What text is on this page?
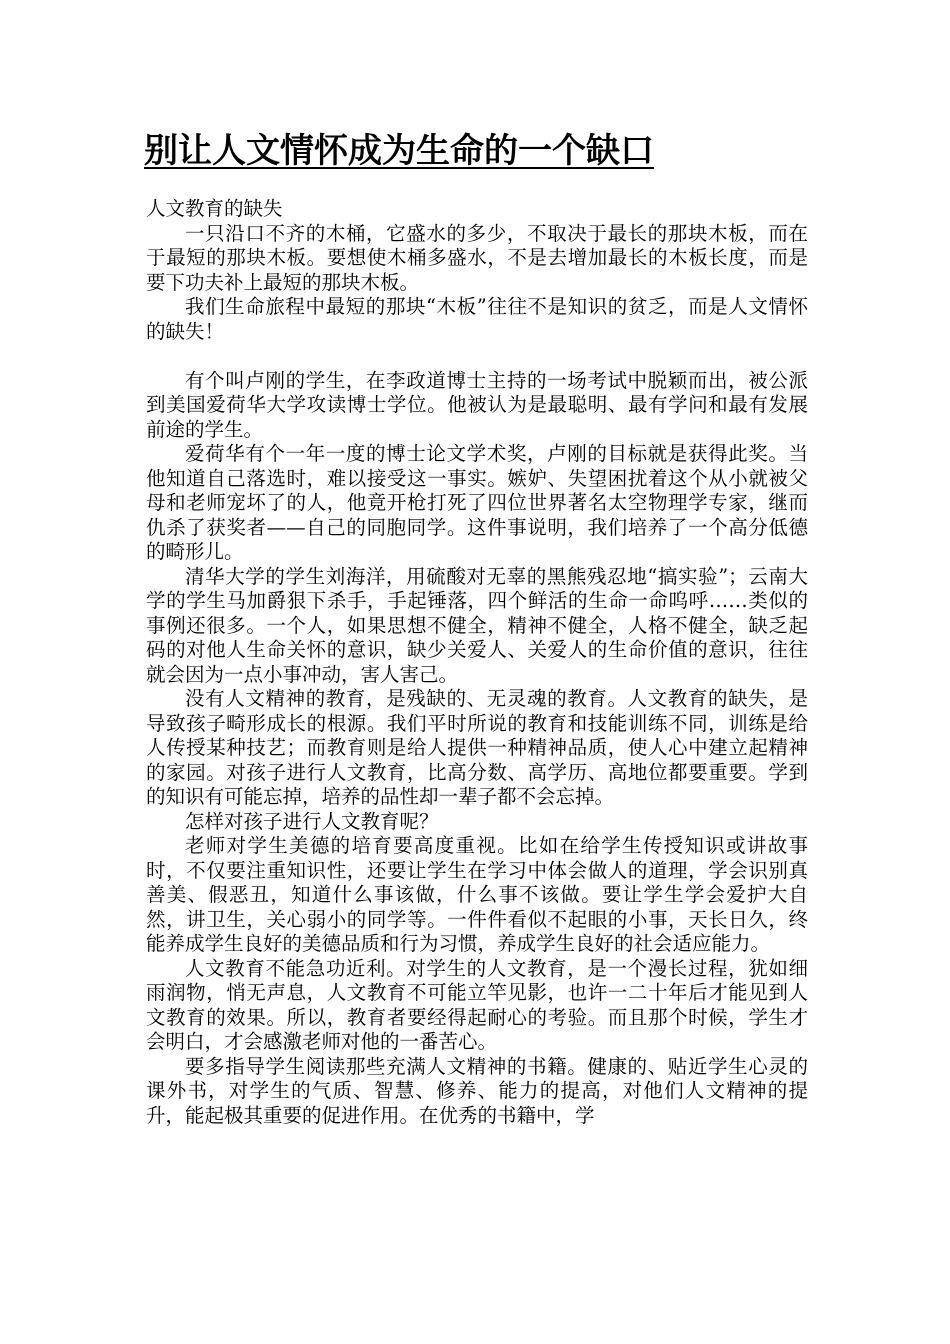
别让人文情怀成为生命的一个缺口

人文教育的缺失

一只沿口不齐的木桶，它盛水的多少，不取决于最长的那块木板，而在于最短的那块木板。要想使木桶多盛水，不是去增加最长的木板长度，而是要下功夫补上最短的那块木板。

我们生命旅程中最短的那块“木板”往往不是知识的贫乏，而是人文情怀的缺失！

有个叫卢刚的学生，在李政道博士主持的一场考试中脱颖而出，被公派到美国爱荷华大学攻读博士学位。他被认为是最聪明、最有学问和最有发展前途的学生。

爱荷华有个一年一度的博士论文学术奖，卢刚的目标就是获得此奖。当他知道自己落选时，难以接受这一事实。嫉妒、失望困扰着这个从小就被父母和老师宠坏了的人，他竟开枪打死了四位世界著名太空物理学专家，继而仇杀了获奖者——自己的同胞同学。这件事说明，我们培养了一个高分低德的畸形儿。

清华大学的学生刘海洋，用硫酸对无辜的黑熊残忍地“搞实验”；云南大学的学生马加爵狠下杀手，手起锤落，四个鲜活的生命一命呜呼……类似的事例还很多。一个人，如果思想不健全，精神不健全，人格不健全，缺乏起码的对他人生命关怀的意识，缺少关爱人、关爱人的生命价值的意识，往往就会因为一点小事冲动，害人害己。

没有人文精神的教育，是残缺的、无灵魂的教育。人文教育的缺失，是导致孩子畸形成长的根源。我们平时所说的教育和技能训练不同，训练是给人传授某种技艺；而教育则是给人提供一种精神品质，使人心中建立起精神的家园。对孩子进行人文教育，比高分数、高学历、高地位都要重要。学到的知识有可能忘掉，培养的品性却一辈子都不会忘掉。

怎样对孩子进行人文教育呢？

老师对学生美德的培育要高度重视。比如在给学生传授知识或讲故事时，不仅要注重知识性，还要让学生在学习中体会做人的道理，学会识别真善美、假恶丑，知道什么事该做，什么事不该做。要让学生学会爱护大自然，讲卫生，关心弱小的同学等。一件件看似不起眼的小事，天长日久，终能养成学生良好的美德品质和行为习惯，养成学生良好的社会适应能力。

人文教育不能急功近利。对学生的人文教育，是一个漫长过程，犹如细雨润物，悄无声息，人文教育不可能立竿见影，也许一二十年后才能见到人文教育的效果。所以，教育者要经得起耐心的考验。而且那个时候，学生才会明白，才会感激老师对他的一番苦心。

要多指导学生阅读那些充满人文精神的书籍。健康的、贴近学生心灵的课外书，对学生的气质、智慧、修养、能力的提高，对他们人文精神的提升，能起极其重要的促进作用。在优秀的书籍中，学
